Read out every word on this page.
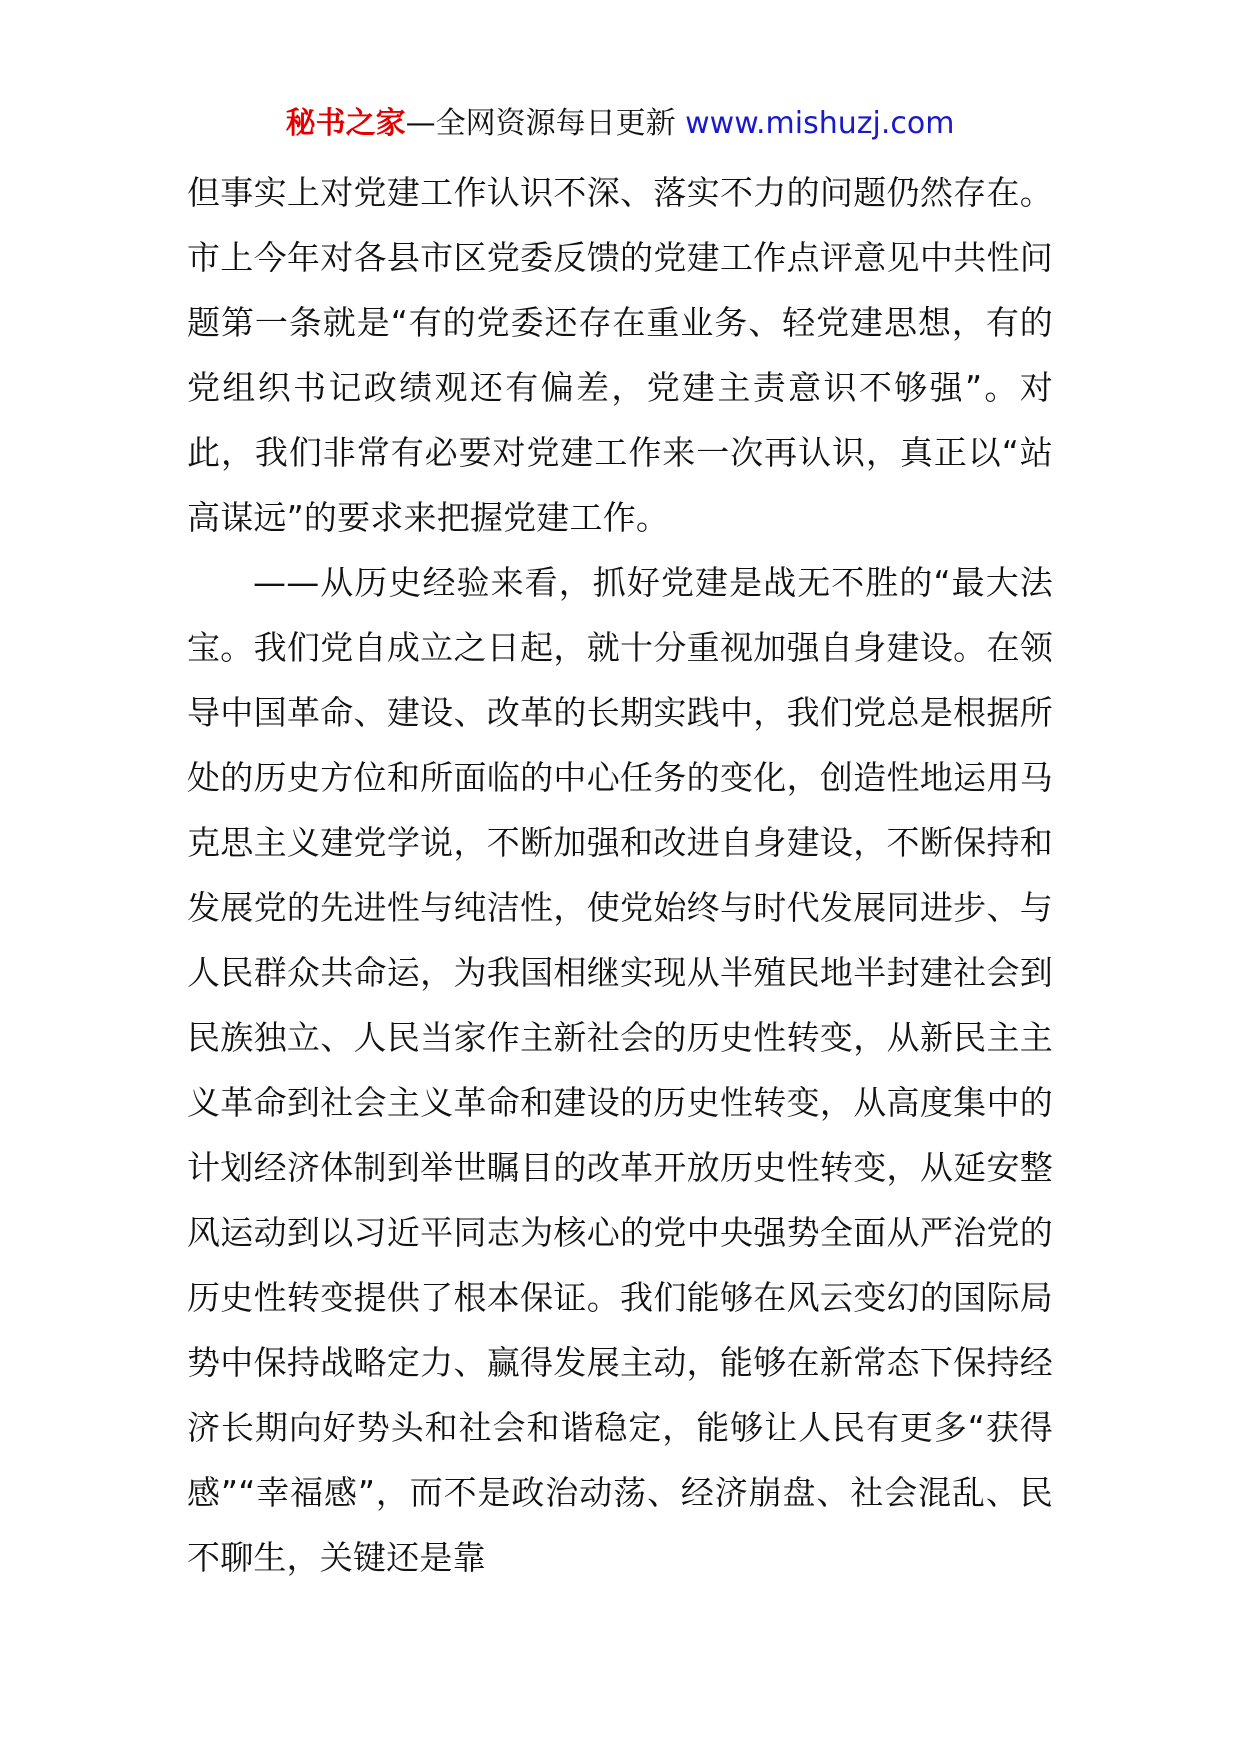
秘书之家—全网资源每日更新 www.mishuzj.com

但事实上对党建工作认识不深、落实不力的问题仍然存在。市上今年对各县市区党委反馈的党建工作点评意见中共性问题第一条就是“有的党委还存在重业务、轻党建思想，有的党组织书记政绩观还有偏差，党建主责意识不够强”。对此，我们非常有必要对党建工作来一次再认识，真正以“站高谋远”的要求来把握党建工作。

——从历史经验来看，抓好党建是战无不胜的“最大法宝。我们党自成立之日起，就十分重视加强自身建设。在领导中国革命、建设、改革的长期实践中，我们党总是根据所处的历史方位和所面临的中心任务的变化，创造性地运用马克思主义建党学说，不断加强和改进自身建设，不断保持和发展党的先进性与纯洁性，使党始终与时代发展同进步、与人民群众共命运，为我国相继实现从半殖民地半封建社会到民族独立、人民当家作主新社会的历史性转变，从新民主主义革命到社会主义革命和建设的历史性转变，从高度集中的计划经济体制到举世瞩目的改革开放历史性转变，从延安整风运动到以习近平同志为核心的党中央强势全面从严治党的历史性转变提供了根本保证。我们能够在风云变幻的国际局势中保持战略定力、赢得发展主动，能够在新常态下保持经济长期向好势头和社会和谐稳定，能够让人民有更多“获得感”“幸福感”，而不是政治动荡、经济崩盘、社会混乱、民不聊生，关键还是靠
